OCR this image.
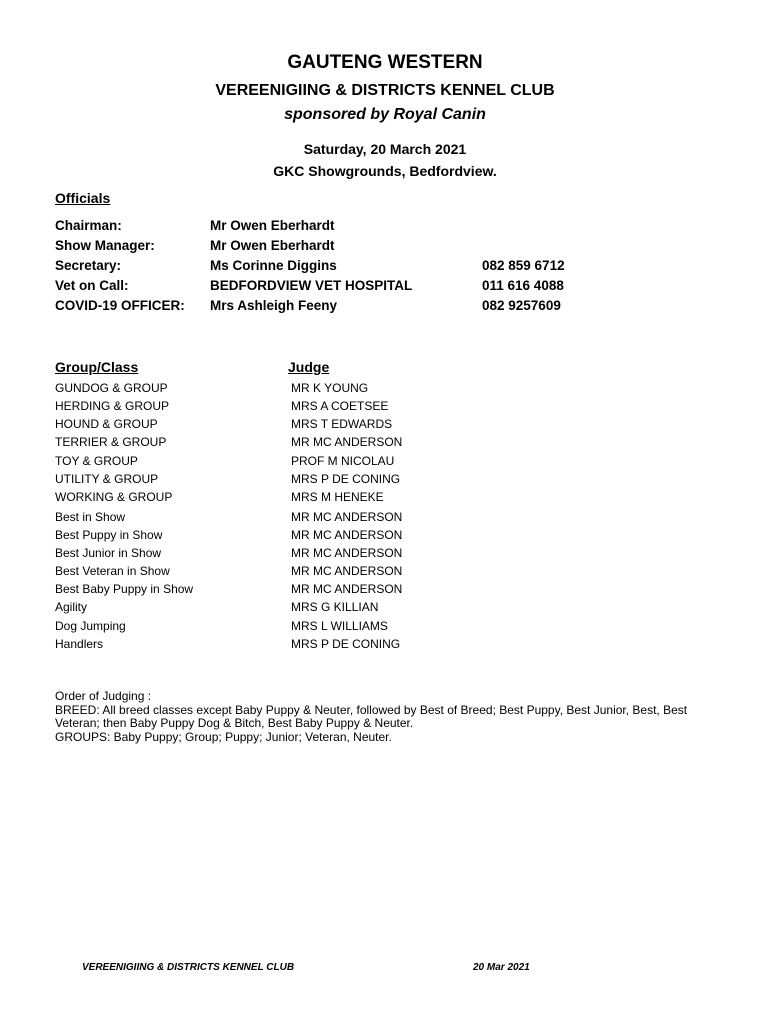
GAUTENG WESTERN
VEREENIGIING & DISTRICTS KENNEL CLUB
sponsored by Royal Canin
Saturday, 20 March 2021
GKC Showgrounds, Bedfordview.
Officials
Chairman:	Mr Owen Eberhardt
Show Manager:	Mr Owen Eberhardt
Secretary:	Ms Corinne Diggins	082 859 6712
Vet on Call:	BEDFORDVIEW VET HOSPITAL	011 616 4088
COVID-19 OFFICER: Mrs Ashleigh Feeny	082 9257609
Group/Class	Judge
GUNDOG & GROUP	MR K YOUNG
HERDING & GROUP	MRS A COETSEE
HOUND & GROUP	MRS T EDWARDS
TERRIER & GROUP	MR MC ANDERSON
TOY & GROUP	PROF M NICOLAU
UTILITY & GROUP	MRS P DE CONING
WORKING & GROUP	MRS M HENEKE
Best in Show	MR MC ANDERSON
Best Puppy in Show	MR MC ANDERSON
Best Junior in Show	MR MC ANDERSON
Best Veteran in Show	MR MC ANDERSON
Best Baby Puppy in Show	MR MC ANDERSON
Agility	MRS G KILLIAN
Dog Jumping	MRS L WILLIAMS
Handlers	MRS P DE CONING
Order of Judging :
BREED: All breed classes except Baby Puppy & Neuter, followed by Best of Breed; Best Puppy, Best Junior, Best, Best Veteran; then Baby Puppy Dog & Bitch, Best Baby Puppy & Neuter.
GROUPS: Baby Puppy; Group; Puppy; Junior; Veteran, Neuter.
VEREENIGIING & DISTRICTS KENNEL CLUB	20 Mar 2021
